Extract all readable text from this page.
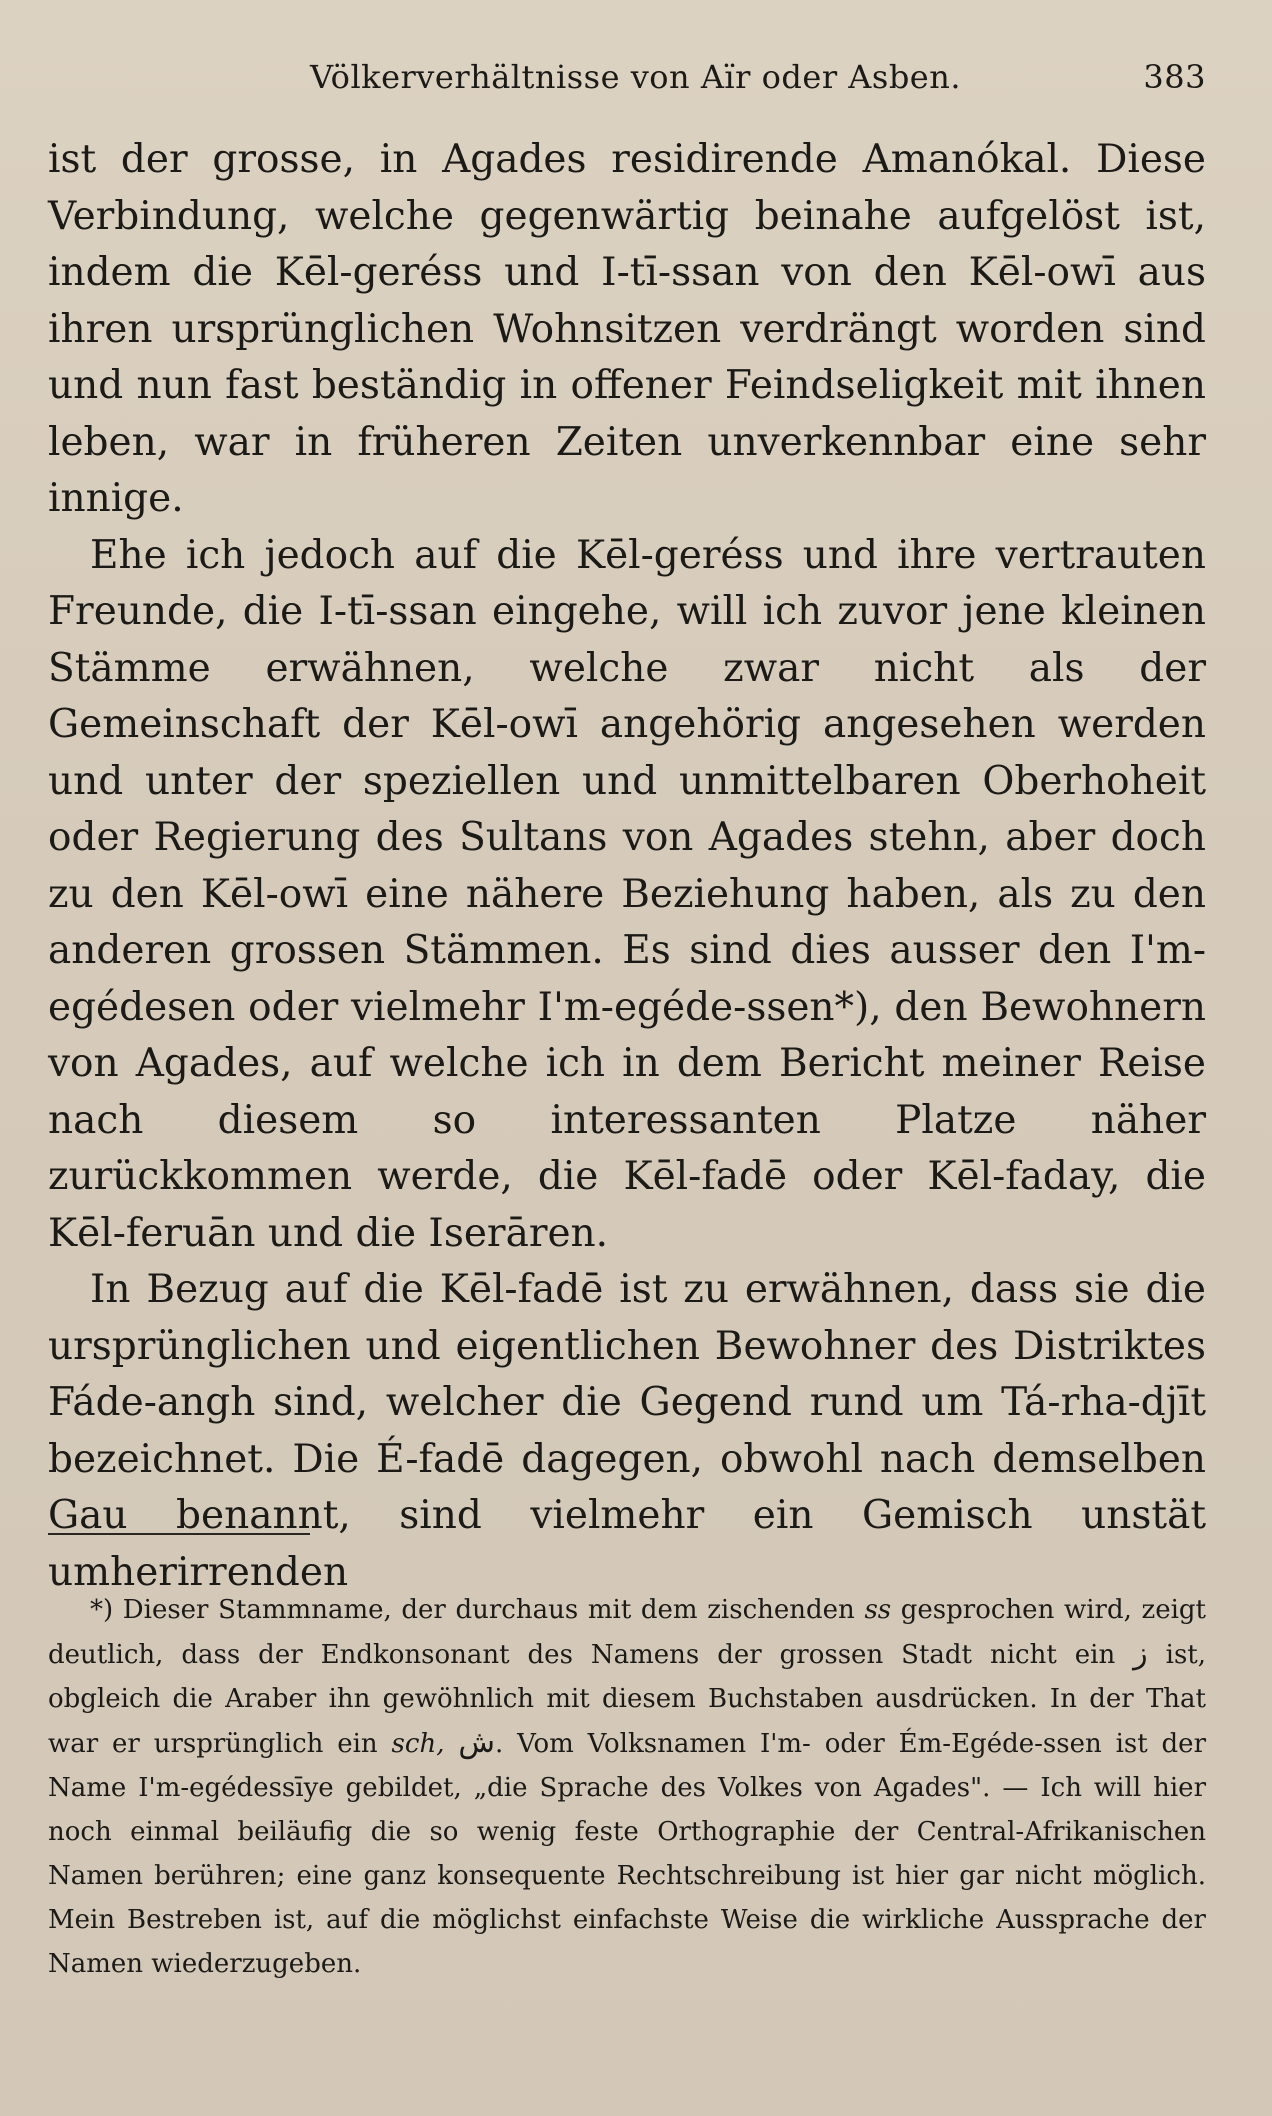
Völkerverhältnisse von Aïr oder Asben.	383

ist der grosse, in Agades residirende Amanókal. Diese Verbindung, welche gegenwärtig beinahe aufgelöst ist, indem die Kēl-geréss und I-tī-ssan von den Kēl-owī aus ihren ursprünglichen Wohnsitzen verdrängt worden sind und nun fast beständig in offener Feindseligkeit mit ihnen leben, war in früheren Zeiten unverkennbar eine sehr innige.

Ehe ich jedoch auf die Kēl-geréss und ihre vertrauten Freunde, die I-tī-ssan eingehe, will ich zuvor jene kleinen Stämme erwähnen, welche zwar nicht als der Gemeinschaft der Kēl-owī angehörig angesehen werden und unter der speziellen und unmittelbaren Oberhoheit oder Regierung des Sultans von Agades stehn, aber doch zu den Kēl-owī eine nähere Beziehung haben, als zu den anderen grossen Stämmen. Es sind dies ausser den I'm-egédesen oder vielmehr I'm-egéde-ssen*), den Bewohnern von Agades, auf welche ich in dem Bericht meiner Reise nach diesem so interessanten Platze näher zurückkommen werde, die Kēl-fadē oder Kēl-faday, die Kēl-feruān und die Iserāren.

In Bezug auf die Kēl-fadē ist zu erwähnen, dass sie die ursprünglichen und eigentlichen Bewohner des Distriktes Fáde-angh sind, welcher die Gegend rund um Tá-rha-djīt bezeichnet. Die É-fadē dagegen, obwohl nach demselben Gau benannt, sind vielmehr ein Gemisch unstät umherirrenden

*) Dieser Stammname, der durchaus mit dem zischenden ss gesprochen wird, zeigt deutlich, dass der Endkonsonant des Namens der grossen Stadt nicht ein ز ist, obgleich die Araber ihn gewöhnlich mit diesem Buchstaben ausdrücken. In der That war er ursprünglich ein sch, ش. Vom Volksnamen I'm- oder Ém-Egéde-ssen ist der Name I'm-egédessīye gebildet, „die Sprache des Volkes von Agades". — Ich will hier noch einmal beiläufig die so wenig feste Orthographie der Central-Afrikanischen Namen berühren; eine ganz konsequente Rechtschreibung ist hier gar nicht möglich. Mein Bestreben ist, auf die möglichst einfachste Weise die wirkliche Aussprache der Namen wiederzugeben.
